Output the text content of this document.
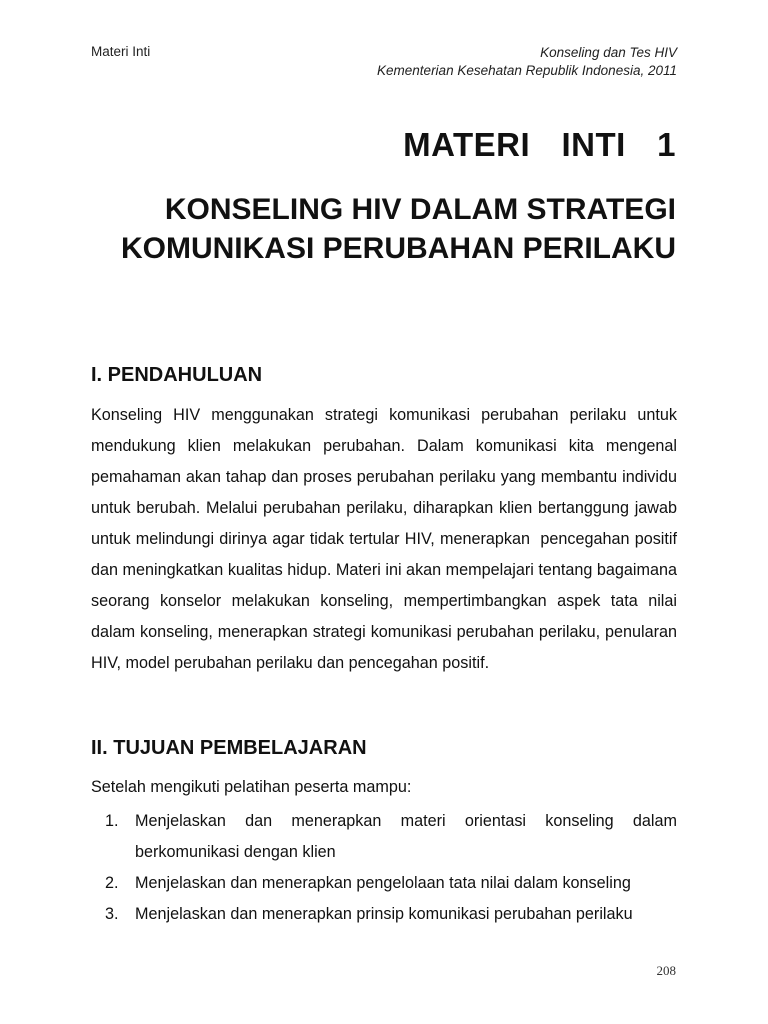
Materi Inti	Konseling dan Tes HIV
Kementerian Kesehatan Republik Indonesia, 2011
MATERI  INTI  1
KONSELING HIV DALAM STRATEGI KOMUNIKASI PERUBAHAN PERILAKU
I. PENDAHULUAN

Konseling HIV menggunakan strategi komunikasi perubahan perilaku untuk mendukung klien melakukan perubahan. Dalam komunikasi kita mengenal pemahaman akan tahap dan proses perubahan perilaku yang membantu individu untuk berubah. Melalui perubahan perilaku, diharapkan klien bertanggung jawab untuk melindungi dirinya agar tidak tertular HIV, menerapkan  pencegahan positif dan meningkatkan kualitas hidup. Materi ini akan mempelajari tentang bagaimana seorang konselor melakukan konseling, mempertimbangkan aspek tata nilai dalam konseling, menerapkan strategi komunikasi perubahan perilaku, penularan HIV, model perubahan perilaku dan pencegahan positif.

II. TUJUAN PEMBELAJARAN

Setelah mengikuti pelatihan peserta mampu:

1.	Menjelaskan dan menerapkan materi orientasi konseling dalam berkomunikasi dengan klien
2.	Menjelaskan dan menerapkan pengelolaan tata nilai dalam konseling
3.	Menjelaskan dan menerapkan prinsip komunikasi perubahan perilaku
208
